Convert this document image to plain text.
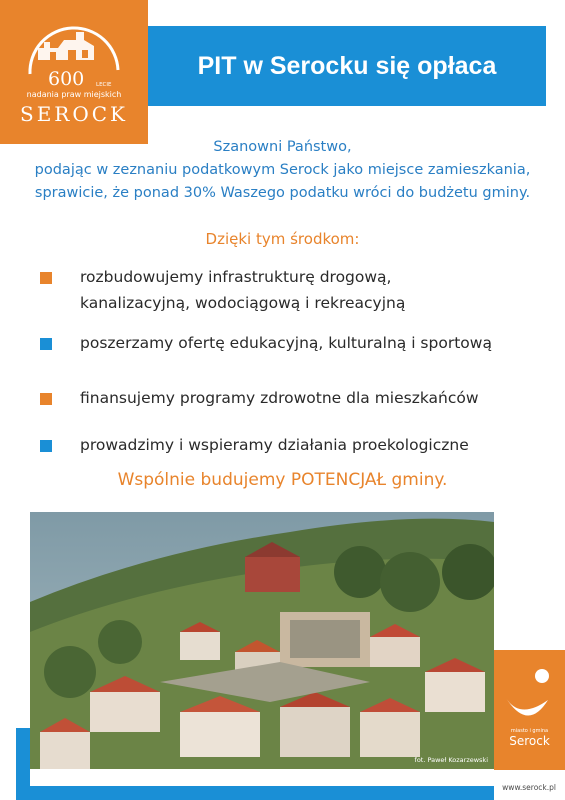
600 LECIE
nadania praw miejskich
SEROCK
PIT w Serocku się opłaca
Szanowni Państwo,
podając w zeznaniu podatkowym Serock jako miejsce zamieszkania,
sprawicie, że ponad 30% Waszego podatku wróci do budżetu gminy.
Dzięki tym środkom:
rozbudowujemy infrastrukturę drogową,
kanalizacyjną, wodociągową i rekreacyjną
poszerzamy ofertę edukacyjną, kulturalną i sportową
finansujemy programy zdrowotne dla mieszkańców
prowadzimy i wspieramy działania proekologiczne
Wspólnie budujemy POTENCJAŁ gminy.
fot. Paweł Kozarzewski
miasto i gmina
Serock
www.serock.pl
